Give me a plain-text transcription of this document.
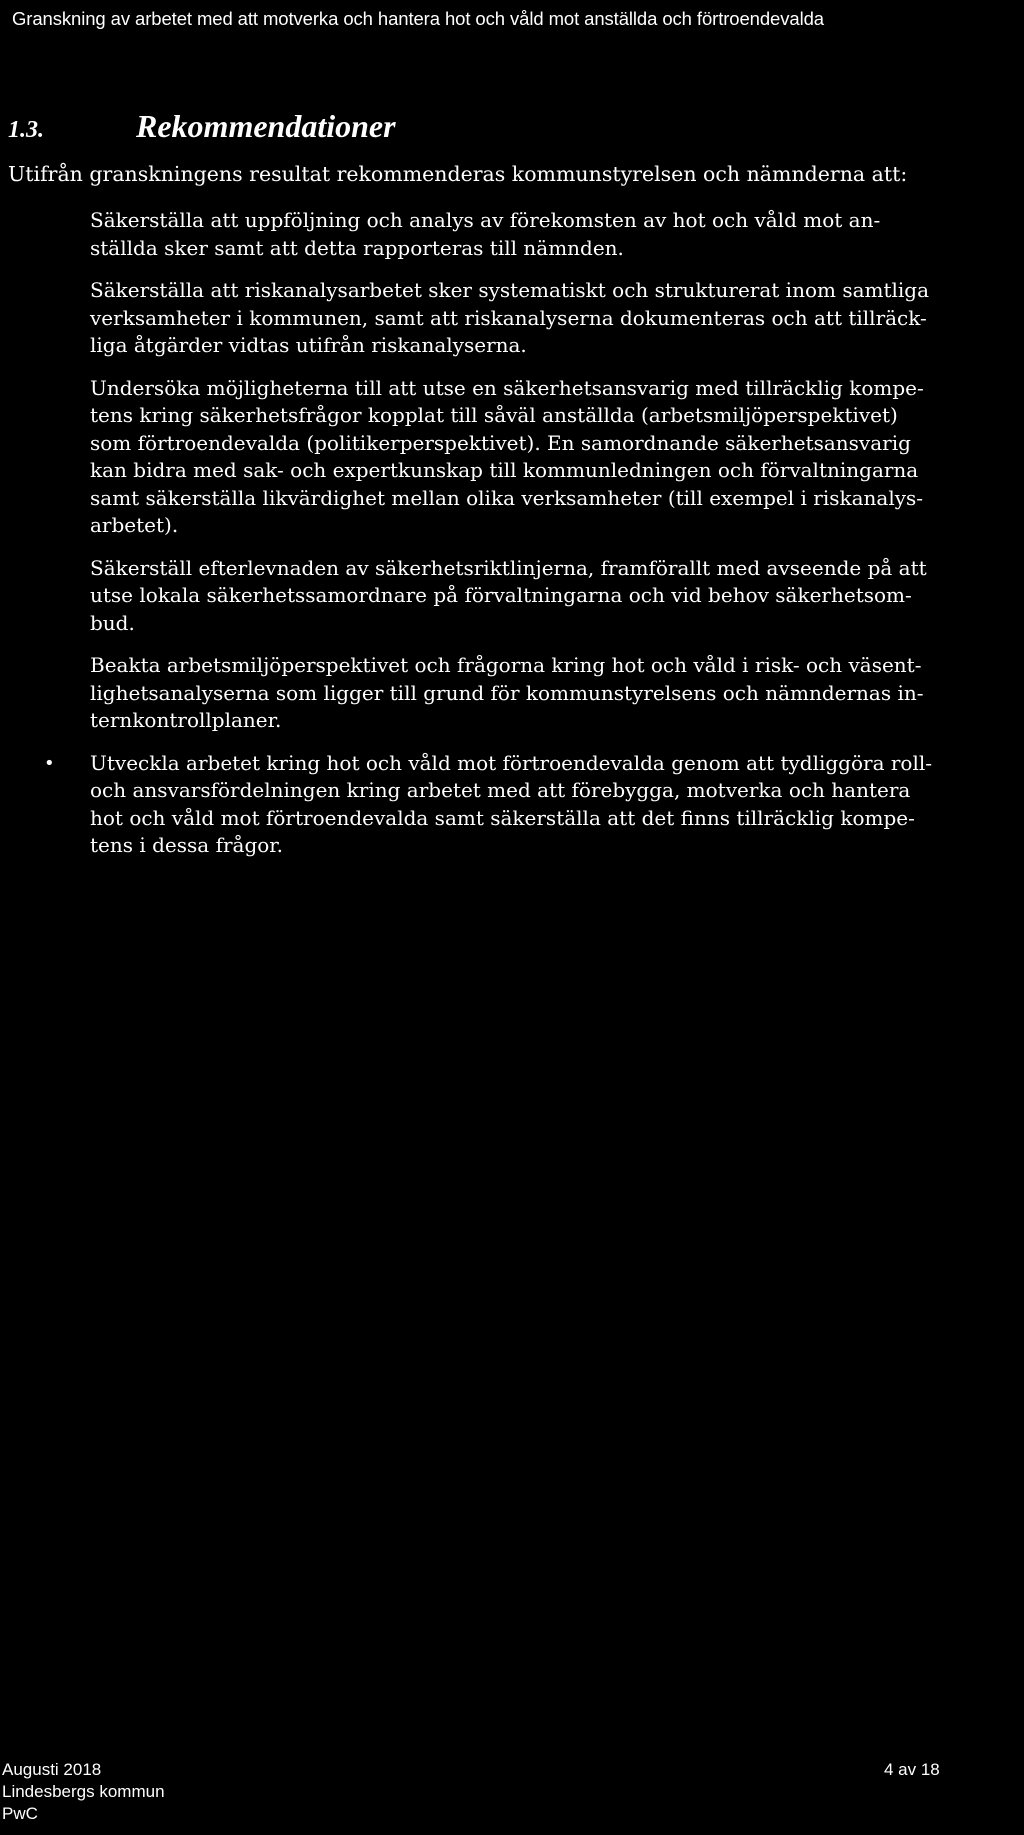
Granskning av arbetet med att motverka och hantera hot och våld mot anställda och förtroendevalda
1.3.	Rekommendationer
Utifrån granskningens resultat rekommenderas kommunstyrelsen och nämnderna att:
Säkerställa att uppföljning och analys av förekomsten av hot och våld mot an-
ställda sker samt att detta rapporteras till nämnden.
Säkerställa att riskanalysarbetet sker systematiskt och strukturerat inom samtliga
verksamheter i kommunen, samt att riskanalyserna dokumenteras och att tillräck-
liga åtgärder vidtas utifrån riskanalyserna.
Undersöka möjligheterna till att utse en säkerhetsansvarig med tillräcklig kompe-
tens kring säkerhetsfrågor kopplat till såväl anställda (arbetsmiljöperspektivet)
som förtroendevalda (politikerperspektivet). En samordnande säkerhetsansvarig
kan bidra med sak- och expertkunskap till kommunledningen och förvaltningarna
samt säkerställa likvärdighet mellan olika verksamheter (till exempel i riskanalys-
arbetet).
Säkerställ efterlevnaden av säkerhetsriktlinjerna, framförallt med avseende på att
utse lokala säkerhetssamordnare på förvaltningarna och vid behov säkerhetsom-
bud.
Beakta arbetsmiljöperspektivet och frågorna kring hot och våld i risk- och väsent-
lighetsanalyserna som ligger till grund för kommunstyrelsens och nämndernas in-
ternkontrollplaner.
• Utveckla arbetet kring hot och våld mot förtroendevalda genom att tydliggöra roll-
och ansvarsfördelningen kring arbetet med att förebygga, motverka och hantera
hot och våld mot förtroendevalda samt säkerställa att det finns tillräcklig kompe-
tens i dessa frågor.
Augusti 2018
Lindesbergs kommun
PwC
4 av 18
